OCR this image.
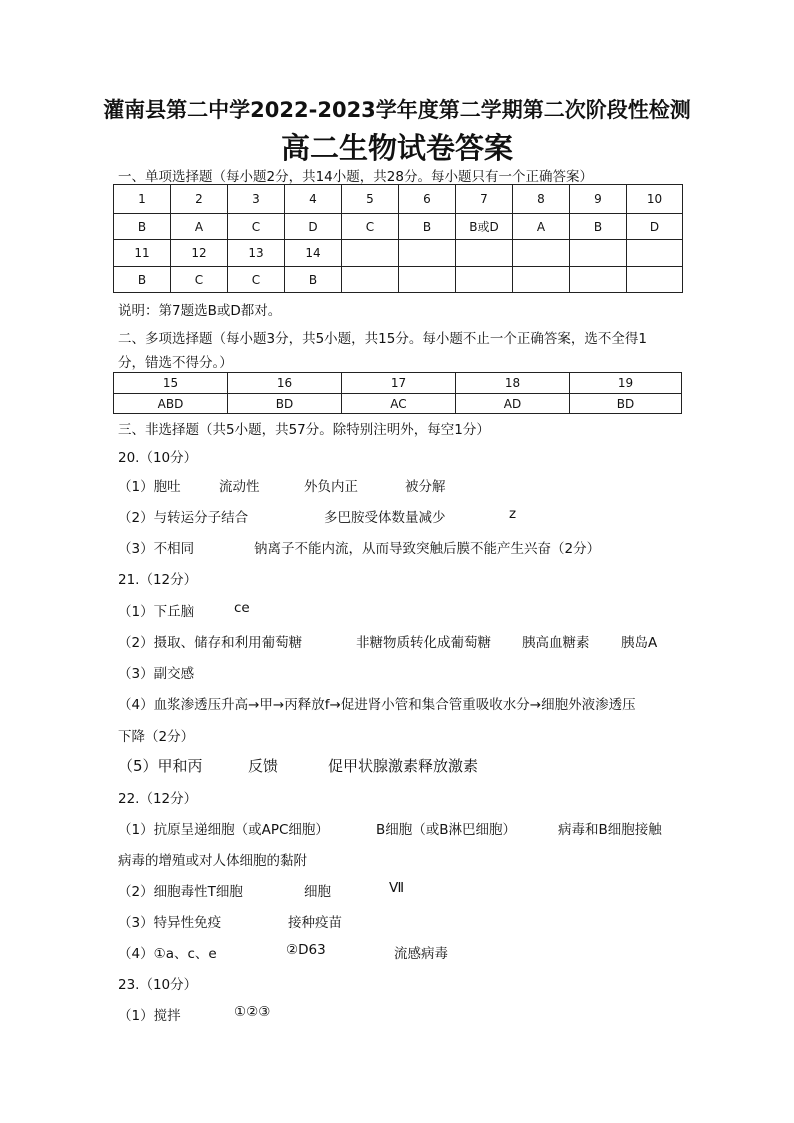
灌南县第二中学2022-2023学年度第二学期第二次阶段性检测
高二生物试卷答案
一、单项选择题（每小题2分，共14小题，共28分。每小题只有一个正确答案）
1	2	3	4	5	6	7	8	9	10
B	A	C	D	C	B	B或D	A	B	D
11	12	13	14						
B	C	C	B						
说明：第7题选B或D都对。
二、多项选择题（每小题3分，共5小题，共15分。每小题不止一个正确答案，选不全得1
分，错选不得分。）
15	16	17	18	19
ABD	BD	AC	AD	BD
三、非选择题（共5小题，共57分。除特别注明外，每空1分）
20.（10分）
（1）胞吐	流动性	外负内正	被分解
（2）与转运分子结合	多巴胺受体数量减少	z
（3）不相同	钠离子不能内流，从而导致突触后膜不能产生兴奋（2分）
21.（12分）
（1）下丘脑	ce
（2）摄取、储存和利用葡萄糖	非糖物质转化成葡萄糖 胰高血糖素 胰岛A
（3）副交感
（4）血浆渗透压升高→甲→丙释放f→促进肾小管和集合管重吸收水分→细胞外液渗透压
下降（2分）
（5）甲和丙	反馈	促甲状腺激素释放激素
22.（12分）
（1）抗原呈递细胞（或APC细胞）	B细胞（或B淋巴细胞）	病毒和B细胞接触
病毒的增殖或对人体细胞的黏附
（2）细胞毒性T细胞	细胞	Ⅶ
（3）特异性免疫	接种疫苗
（4）①a、c、e	②D63	流感病毒
23.（10分）
（1）搅拌	①②③
